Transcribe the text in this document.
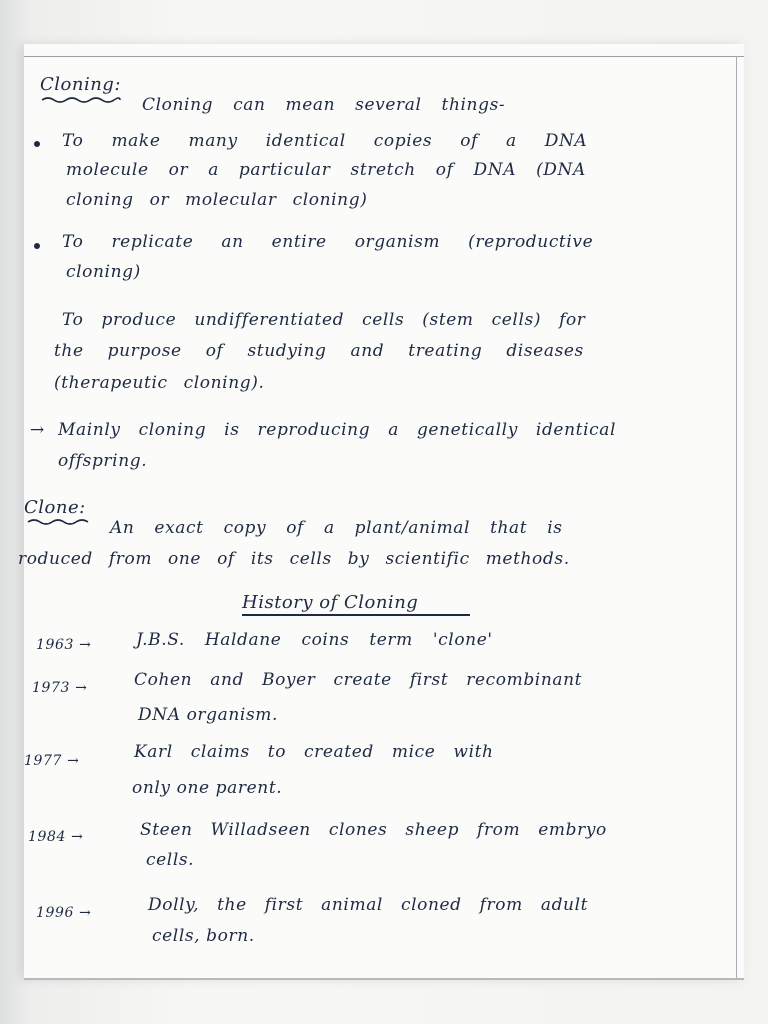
Cloning:
Cloning can mean several things-
To make many identical copies of a DNA
molecule or a particular stretch of DNA (DNA
cloning or molecular cloning)
To replicate an entire organism (reproductive
cloning)
To produce undifferentiated cells (stem cells) for
the purpose of studying and treating diseases
(therapeutic cloning).
→ Mainly cloning is reproducing a genetically identical
offspring.
Clone:
An exact copy of a plant/animal that is
roduced from one of its cells by scientific methods.
History of Cloning
1963 →	J.B.S. Haldane coins term 'clone'
1973 →	Cohen and Boyer create first recombinant
DNA organism.
1977 →	Karl claims to created mice with
only one parent.
1984 →	Steen Willadseen clones sheep from embryo
cells.
1996 →	Dolly, the first animal cloned from adult
cells, born.
